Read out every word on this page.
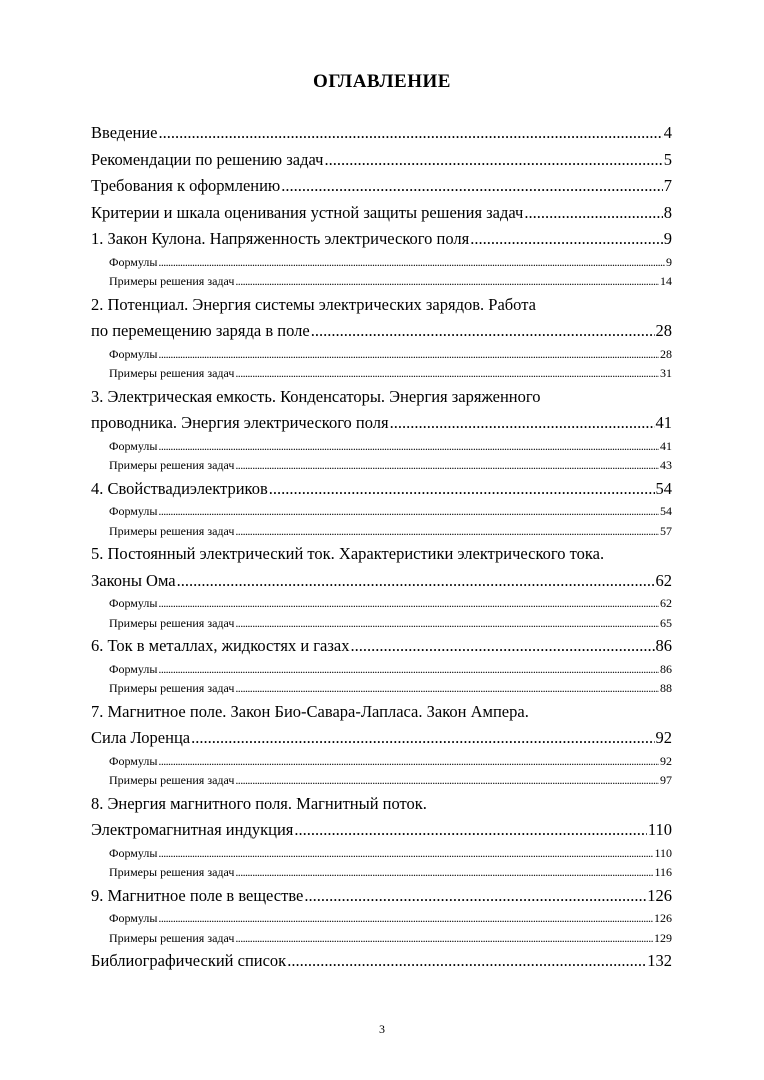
ОГЛАВЛЕНИЕ
Введение .....	4
Рекомендации по решению задач .....	5
Требования к оформлению .....	7
Критерии и шкала оценивания устной защиты решения задач .....	8
1. Закон Кулона. Напряженность электрического поля .....	9
Формулы .....	9
Примеры решения задач .....	14
2. Потенциал. Энергия системы электрических зарядов. Работа
по перемещению заряда в поле .....	28
Формулы .....	28
Примеры решения задач .....	31
3. Электрическая емкость. Конденсаторы. Энергия заряженного
проводника. Энергия электрического поля .....	41
Формулы .....	41
Примеры решения задач .....	43
4. Свойствадиэлектриков .....	54
Формулы .....	54
Примеры решения задач .....	57
5. Постоянный электрический ток. Характеристики электрического тока.
Законы Ома .....	62
Формулы .....	62
Примеры решения задач .....	65
6. Ток в металлах, жидкостях и газах .....	86
Формулы .....	86
Примеры решения задач .....	88
7. Магнитное поле. Закон Био-Савара-Лапласа. Закон Ампера.
Сила Лоренца .....	92
Формулы .....	92
Примеры решения задач .....	97
8. Энергия магнитного поля. Магнитный поток.
Электромагнитная индукция .....	110
Формулы .....	110
Примеры решения задач .....	116
9. Магнитное поле в веществе .....	126
Формулы .....	126
Примеры решения задач .....	129
Библиографический список .....	132
3
